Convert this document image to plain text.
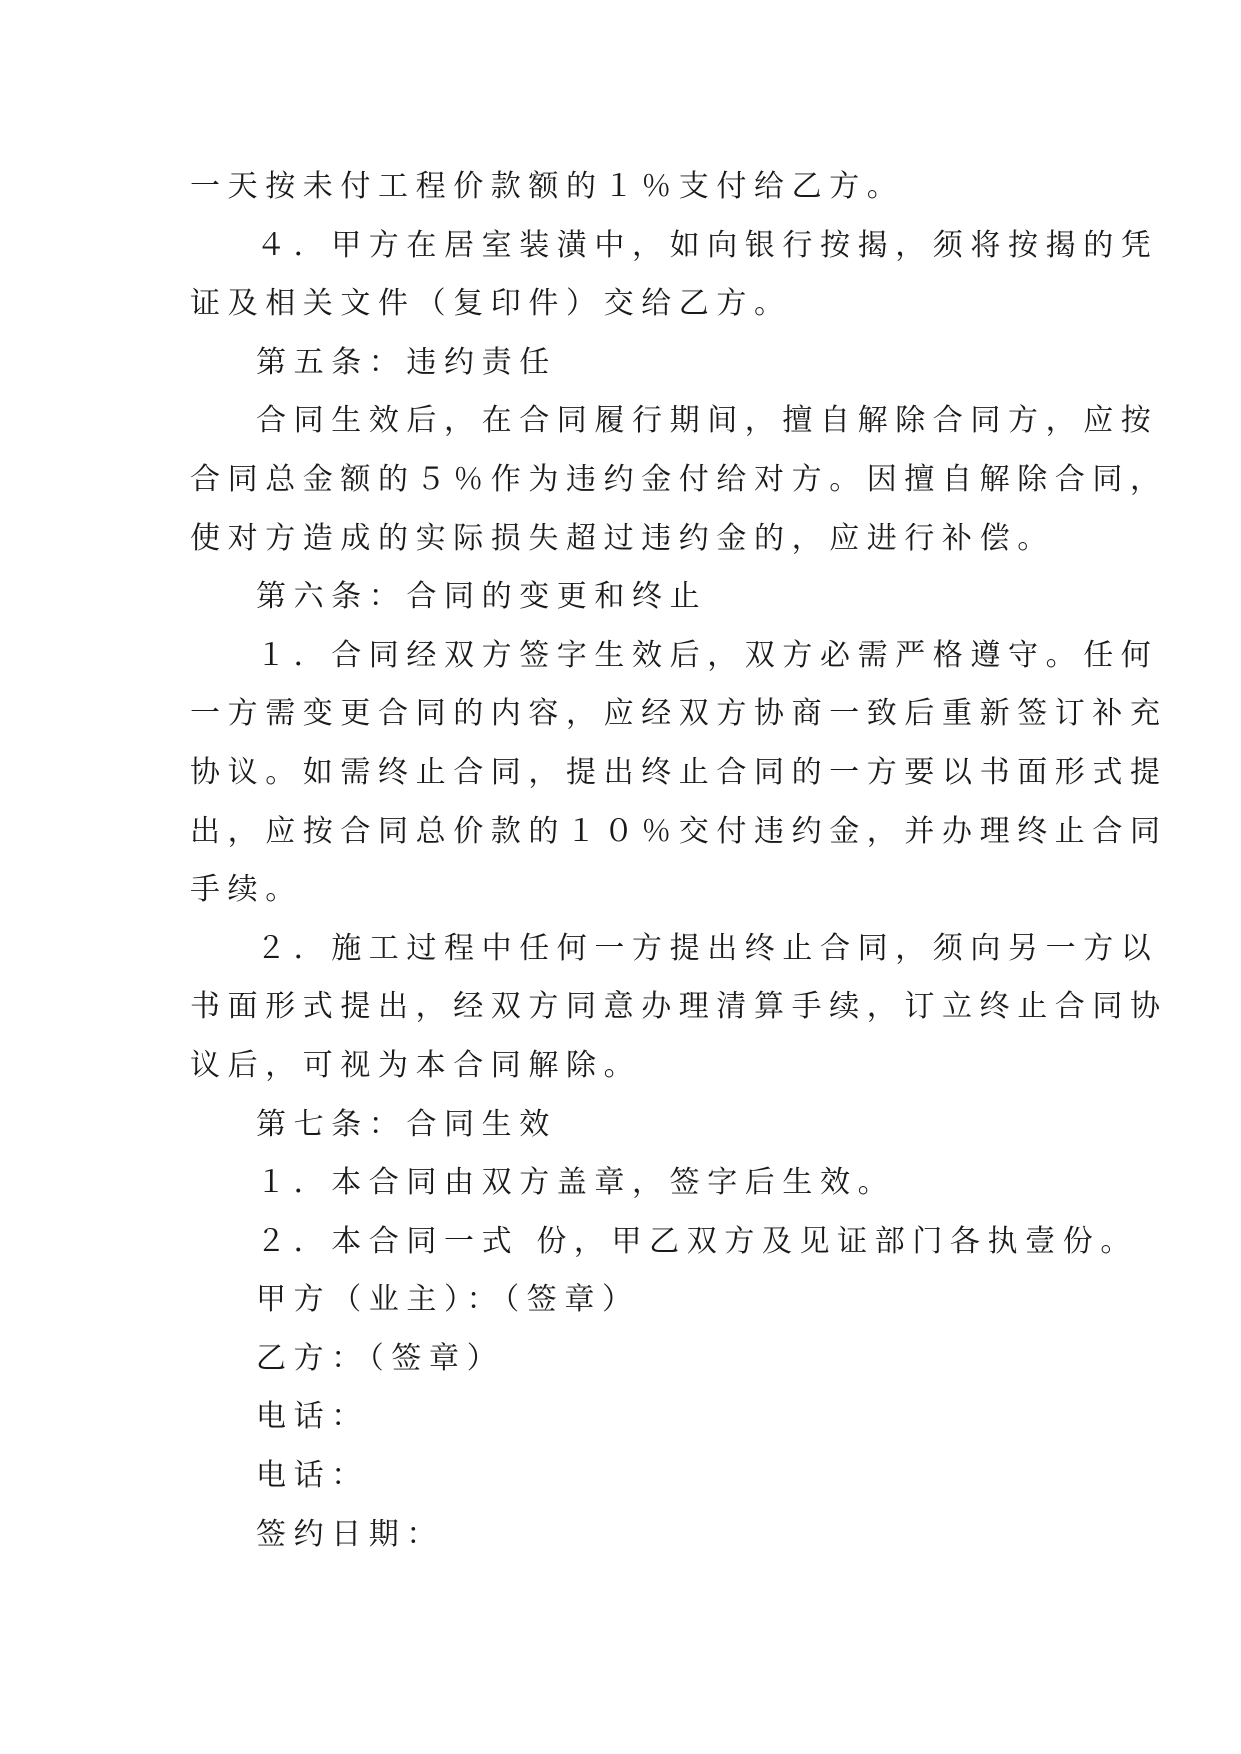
一天按未付工程价款额的１％支付给乙方。
４．甲方在居室装潢中，如向银行按揭，须将按揭的凭
证及相关文件（复印件）交给乙方。
第五条：违约责任
合同生效后，在合同履行期间，擅自解除合同方，应按
合同总金额的５％作为违约金付给对方。因擅自解除合同，
使对方造成的实际损失超过违约金的，应进行补偿。
第六条：合同的变更和终止
１．合同经双方签字生效后，双方必需严格遵守。任何
一方需变更合同的内容，应经双方协商一致后重新签订补充
协议。如需终止合同，提出终止合同的一方要以书面形式提
出，应按合同总价款的１０％交付违约金，并办理终止合同
手续。
２．施工过程中任何一方提出终止合同，须向另一方以
书面形式提出，经双方同意办理清算手续，订立终止合同协
议后，可视为本合同解除。
第七条：合同生效
１．本合同由双方盖章，签字后生效。
２．本合同一式 份，甲乙双方及见证部门各执壹份。
甲方（业主）：（签章）
乙方：（签章）
电话：
电话：
签约日期：
